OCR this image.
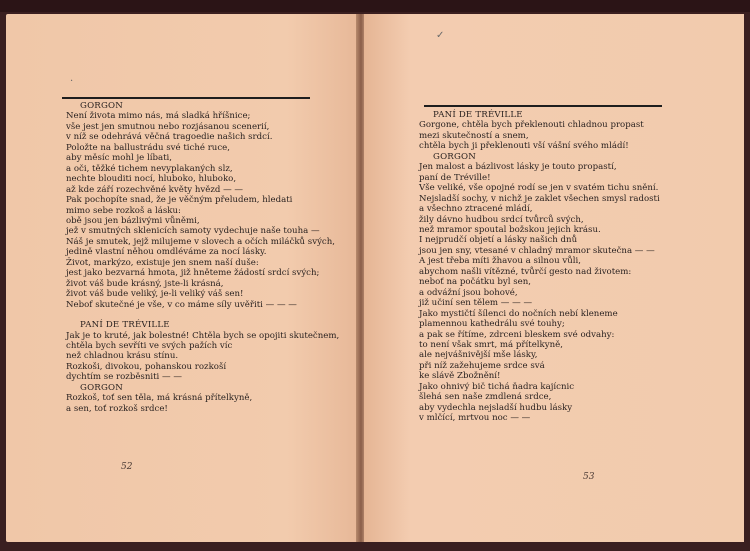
·
GORGON
Není života mimo nás, má sladká hříšnice;
vše jest jen smutnou nebo rozjásanou scenerií,
v níž se odehrává věčná tragoedie našich srdcí.
Položte na ballustrádu své tiché ruce,
aby měsíc mohl je líbati,
a oči, těžké tichem nevyplakaných slz,
nechte blouditi nocí, hluboko, hluboko,
až kde září rozechvěné květy hvězd — —
Pak pochopíte snad, že je věčným přeludem, hledati
mimo sebe rozkoš a lásku:
obě jsou jen bázlivými vůněmi,
jež v smutných sklenicích samoty vydechuje naše touha —
Náš je smutek, jejž milujeme v slovech a očích miláčků svých,
jedině vlastní něhou omdléváme za nocí lásky.
Život, markýzo, existuje jen snem naší duše:
jest jako bezvarná hmota, již hněteme žádostí srdcí svých;
život váš bude krásný, jste-li krásná,
život váš bude veliký, je-li veliký váš sen!
Nebof skutečné je vše, v co máme síly uvěřiti — — —
PANÍ DE TRÉVILLE
Jak je to kruté, jak bolestné! Chtěla bych se opojiti skutečnem,
chtěla bych sevříti ve svých pažích víc
než chladnou krásu stínu.
Rozkoši, divokou, pohanskou rozkoší
dychtím se rozběsniti — —
GORGON
Rozkoš, toť sen těla, má krásná přítelkyně,
a sen, toť rozkoš srdce!
52
✓
PANÍ DE TRÉVILLE
Gorgone, chtěla bych překlenouti chladnou propast
mezi skutečností a snem,
chtěla bych ji překlenouti vší vášní svého mládí!
GORGON
Jen malost a bázlivost lásky je touto propastí,
paní de Tréville!
Vše veliké, vše opojné rodí se jen v svatém tichu snění.
Nejsladší sochy, v nichž je zaklet všechen smysl radosti
a všechno ztracené mládí,
žily dávno hudbou srdcí tvůrců svých,
než mramor spoutal božskou jejich krásu.
I nejprudčí objetí a lásky našich dnů
jsou jen sny, vtesané v chladný mramor skutečna — —
A jest třeba míti žhavou a silnou vůli,
abychom našli vítězné, tvůrčí gesto nad životem:
neboť na počátku byl sen,
a odvážní jsou bohové,
již učiní sen tělem — — —
Jako mystičtí šílenci do nočních nebí kleneme
plamennou kathedrálu své touhy;
a pak se řítíme, zdrceni bleskem své odvahy:
to není však smrt, má přítelkyně,
ale nejvášnivější mše lásky,
při níž zažehujeme srdce svá
ke slávě Zbožnění!
Jako ohnivý bič tichá ňadra kajícnic
šlehá sen naše zmdlená srdce,
aby vydechla nejsladší hudbu lásky
v mlčící, mrtvou noc — —
53
